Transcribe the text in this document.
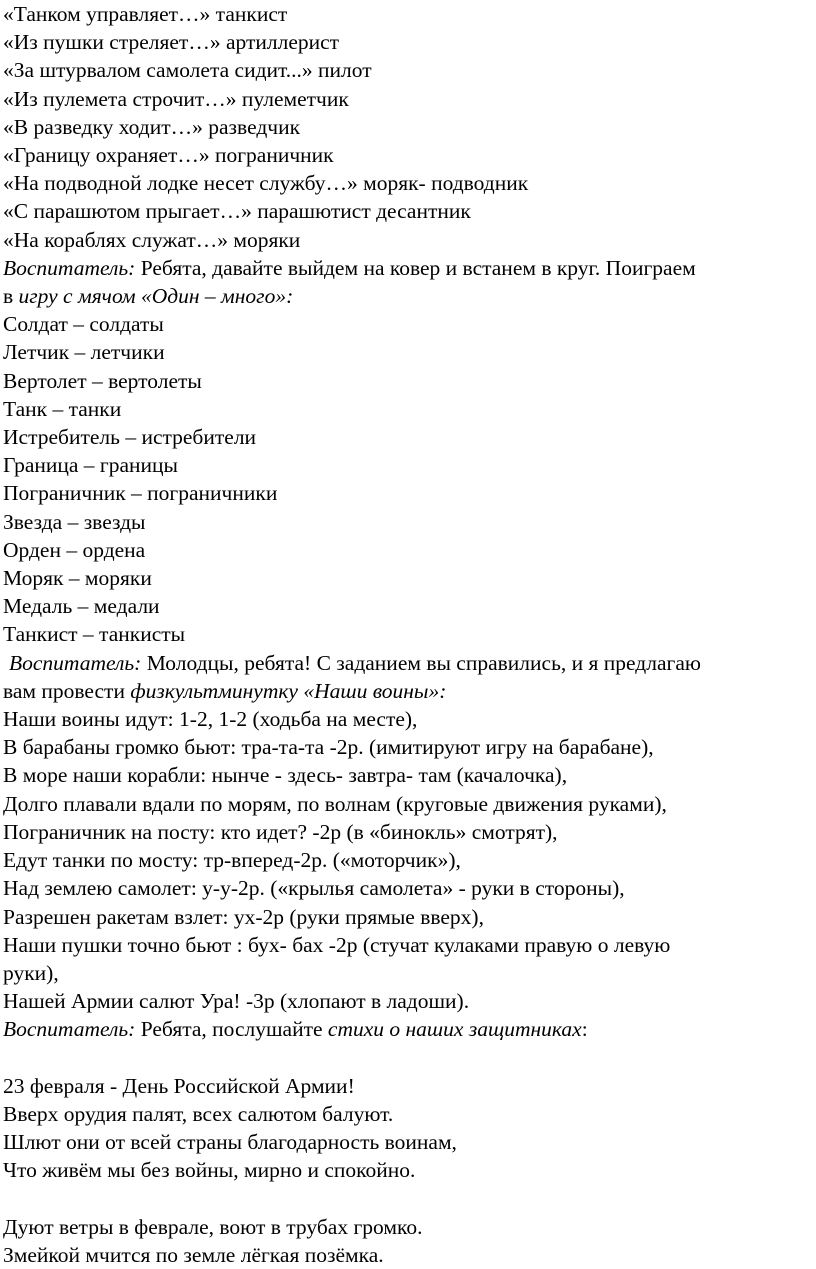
«Танком управляет…» танкист
«Из пушки стреляет…» артиллерист
«За штурвалом самолета сидит...» пилот
«Из пулемета строчит…» пулеметчик
«В разведку ходит…» разведчик
«Границу охраняет…» пограничник
«На подводной лодке несет службу…» моряк- подводник
«С парашютом прыгает…» парашютист десантник
«На кораблях служат…» моряки
Воспитатель: Ребята, давайте выйдем на ковер и встанем в круг. Поиграем
в игру с мячом «Один – много»:
Солдат – солдаты
Летчик – летчики
Вертолет – вертолеты
Танк – танки
Истребитель – истребители
Граница – границы
Пограничник – пограничники
Звезда – звезды
Орден – ордена
Моряк – моряки
Медаль – медали
Танкист – танкисты
Воспитатель: Молодцы, ребята! С заданием вы справились, и я предлагаю
вам провести физкультминутку «Наши воины»:
Наши воины идут: 1-2, 1-2 (ходьба на месте),
В барабаны громко бьют: тра-та-та -2р. (имитируют игру на барабане),
В море наши корабли: нынче - здесь- завтра- там (качалочка),
Долго плавали вдали по морям, по волнам (круговые движения руками),
Пограничник на посту: кто идет? -2р (в «бинокль» смотрят),
Едут танки по мосту: тр-вперед-2р. («моторчик»),
Над землею самолет: у-у-2р. («крылья самолета» - руки в стороны),
Разрешен ракетам взлет: ух-2р (руки прямые вверх),
Наши пушки точно бьют : бух- бах -2р (стучат кулаками правую о левую
руки),
Нашей Армии салют Ура! -3р (хлопают в ладоши).
Воспитатель: Ребята, послушайте стихи о наших защитниках:
23 февраля - День Российской Армии!
Вверх орудия палят, всех салютом балуют.
Шлют они от всей страны благодарность воинам,
Что живём мы без войны, мирно и спокойно.
Дуют ветры в феврале, воют в трубах громко.
Змейкой мчится по земле лёгкая позёмка.
